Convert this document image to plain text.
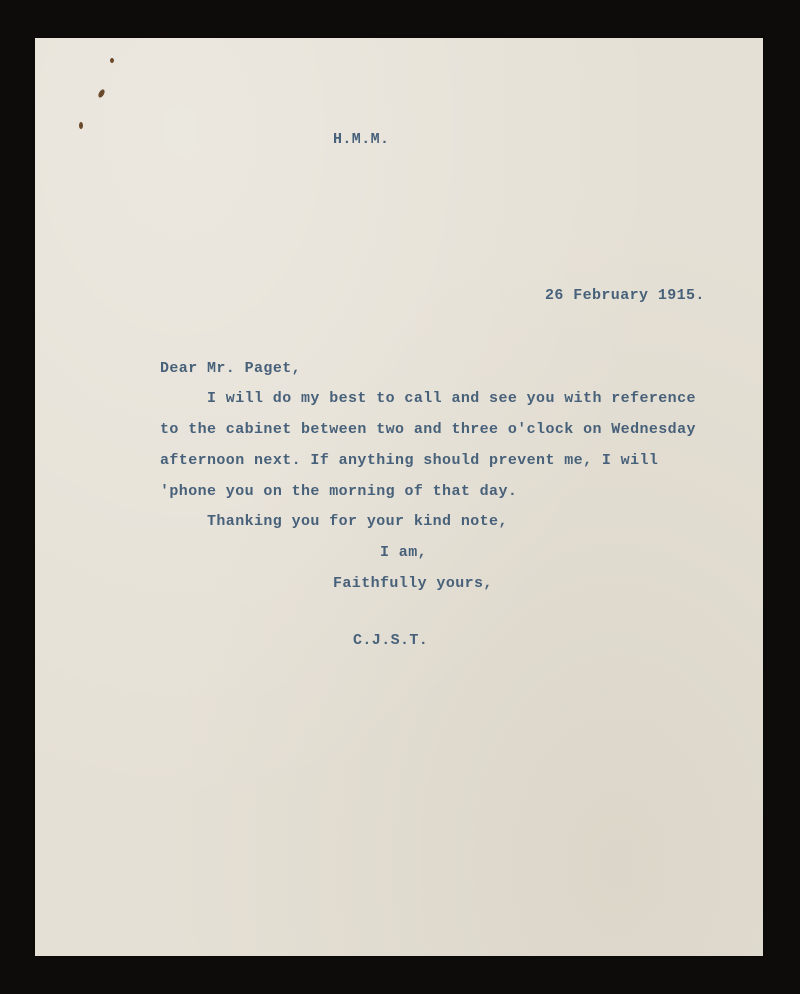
H.M.M.
26 February 1915.
Dear Mr. Paget,
I will do my best to call and see you with reference
to the cabinet between two and three o'clock on Wednesday
afternoon next. If anything should prevent me, I will
'phone you on the morning of that day.
Thanking you for your kind note,
I am,
Faithfully yours,
C.J.S.T.
